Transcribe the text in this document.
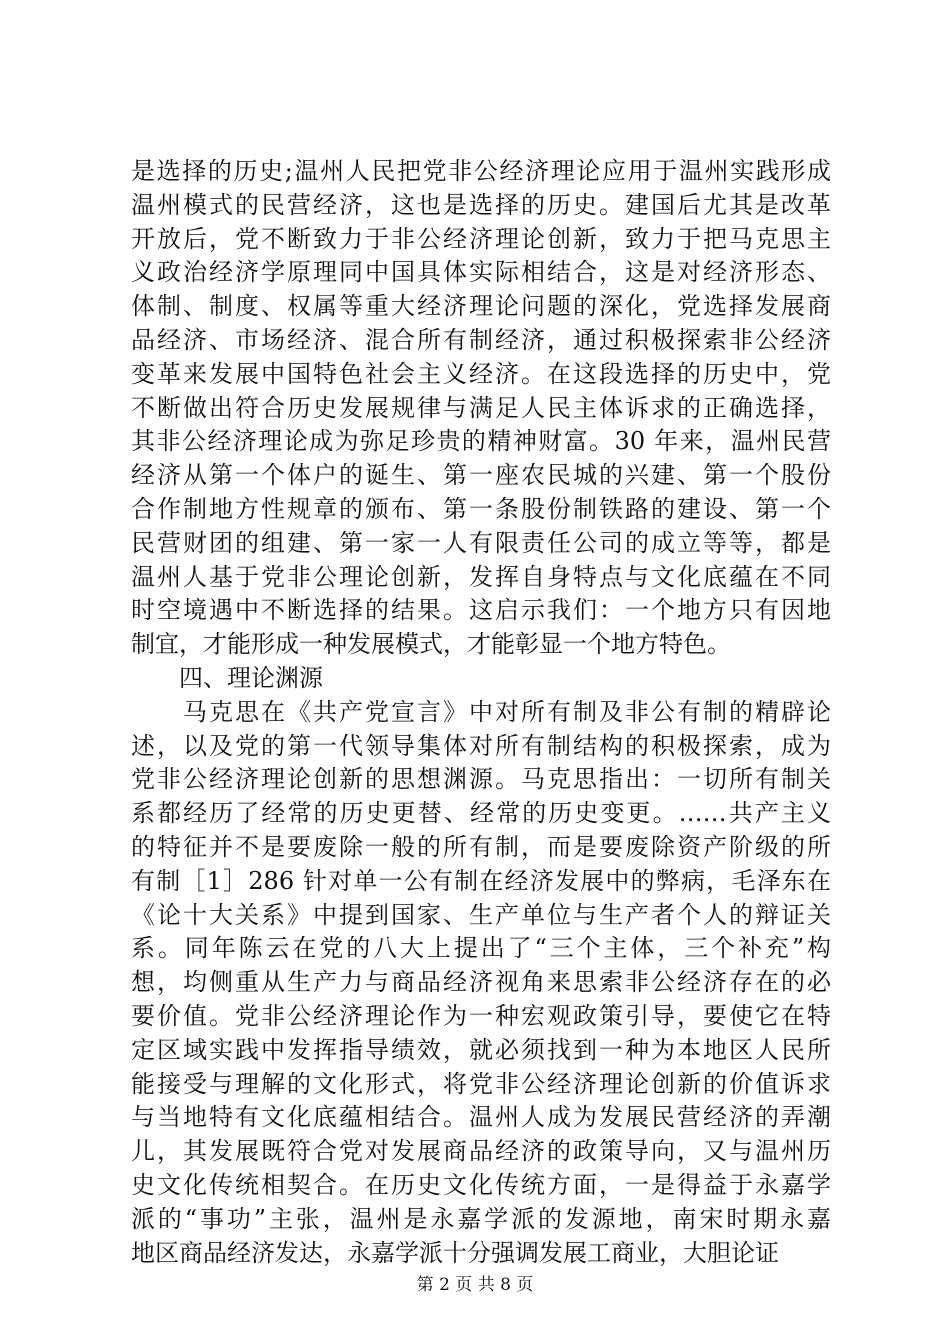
是选择的历史;温州人民把党非公经济理论应用于温州实践形成
温州模式的民营经济，这也是选择的历史。建国后尤其是改革
开放后，党不断致力于非公经济理论创新，致力于把马克思主
义政治经济学原理同中国具体实际相结合，这是对经济形态、
体制、制度、权属等重大经济理论问题的深化，党选择发展商
品经济、市场经济、混合所有制经济，通过积极探索非公经济
变革来发展中国特色社会主义经济。在这段选择的历史中，党
不断做出符合历史发展规律与满足人民主体诉求的正确选择，
其非公经济理论成为弥足珍贵的精神财富。30 年来，温州民营
经济从第一个体户的诞生、第一座农民城的兴建、第一个股份
合作制地方性规章的颁布、第一条股份制铁路的建设、第一个
民营财团的组建、第一家一人有限责任公司的成立等等，都是
温州人基于党非公理论创新，发挥自身特点与文化底蕴在不同
时空境遇中不断选择的结果。这启示我们：一个地方只有因地
制宜，才能形成一种发展模式，才能彰显一个地方特色。
四、理论渊源
　　马克思在《共产党宣言》中对所有制及非公有制的精辟论
述，以及党的第一代领导集体对所有制结构的积极探索，成为
党非公经济理论创新的思想渊源。马克思指出：一切所有制关
系都经历了经常的历史更替、经常的历史变更。……共产主义
的特征并不是要废除一般的所有制，而是要废除资产阶级的所
有制［1］286 针对单一公有制在经济发展中的弊病，毛泽东在
《论十大关系》中提到国家、生产单位与生产者个人的辩证关
系。同年陈云在党的八大上提出了“三个主体，三个补充”构
想，均侧重从生产力与商品经济视角来思索非公经济存在的必
要价值。党非公经济理论作为一种宏观政策引导，要使它在特
定区域实践中发挥指导绩效，就必须找到一种为本地区人民所
能接受与理解的文化形式，将党非公经济理论创新的价值诉求
与当地特有文化底蕴相结合。温州人成为发展民营经济的弄潮
儿，其发展既符合党对发展商品经济的政策导向，又与温州历
史文化传统相契合。在历史文化传统方面，一是得益于永嘉学
派的“事功”主张，温州是永嘉学派的发源地，南宋时期永嘉
地区商品经济发达，永嘉学派十分强调发展工商业，大胆论证
第 2 页 共 8 页
